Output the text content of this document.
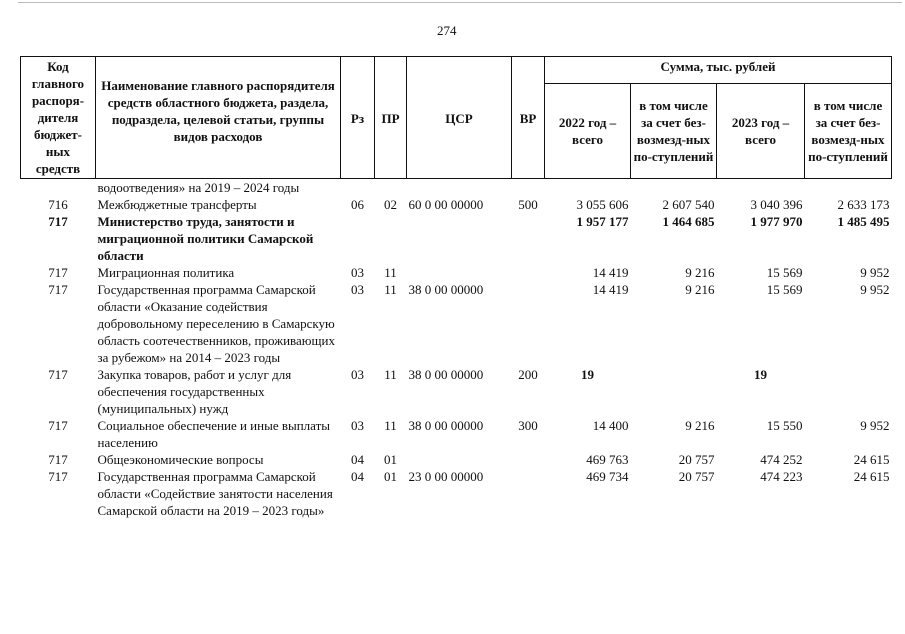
274
Код главного распоря-дителя бюджет-ных средств	Наименование главного распорядителя средств областного бюджета, раздела, подраздела, целевой статьи, группы видов расходов	Рз	ПР	ЦСР	ВР	Сумма, тыс. рублей			
						2022 год – всего	в том числе за счет без-возмезд-ных по-ступлений	2023 год – всего	в том числе за счет без-возмезд-ных по-ступлений
	водоотведения» на 2019 – 2024 годы								
716	Межбюджетные трансферты	06	02	60 0 00 00000	500	3 055 606	2 607 540	3 040 396	2 633 173
717	Министерство труда, занятости и миграционной политики Самарской области					1 957 177	1 464 685	1 977 970	1 485 495
717	Миграционная политика	03	11			14 419	9 216	15 569	9 952
717	Государственная программа Самарской области «Оказание содействия добровольному переселению в Самарскую область соотечественников, проживающих за рубежом» на 2014 – 2023 годы	03	11	38 0 00 00000		14 419	9 216	15 569	9 952
717	Закупка товаров, работ и услуг для обеспечения государственных (муниципальных) нужд	03	11	38 0 00 00000	200	19		19	
717	Социальное обеспечение и иные выплаты населению	03	11	38 0 00 00000	300	14 400	9 216	15 550	9 952
717	Общеэкономические вопросы	04	01			469 763	20 757	474 252	24 615
717	Государственная программа Самарской области «Содействие занятости населения Самарской области на 2019 – 2023 годы»	04	01	23 0 00 00000		469 734	20 757	474 223	24 615
